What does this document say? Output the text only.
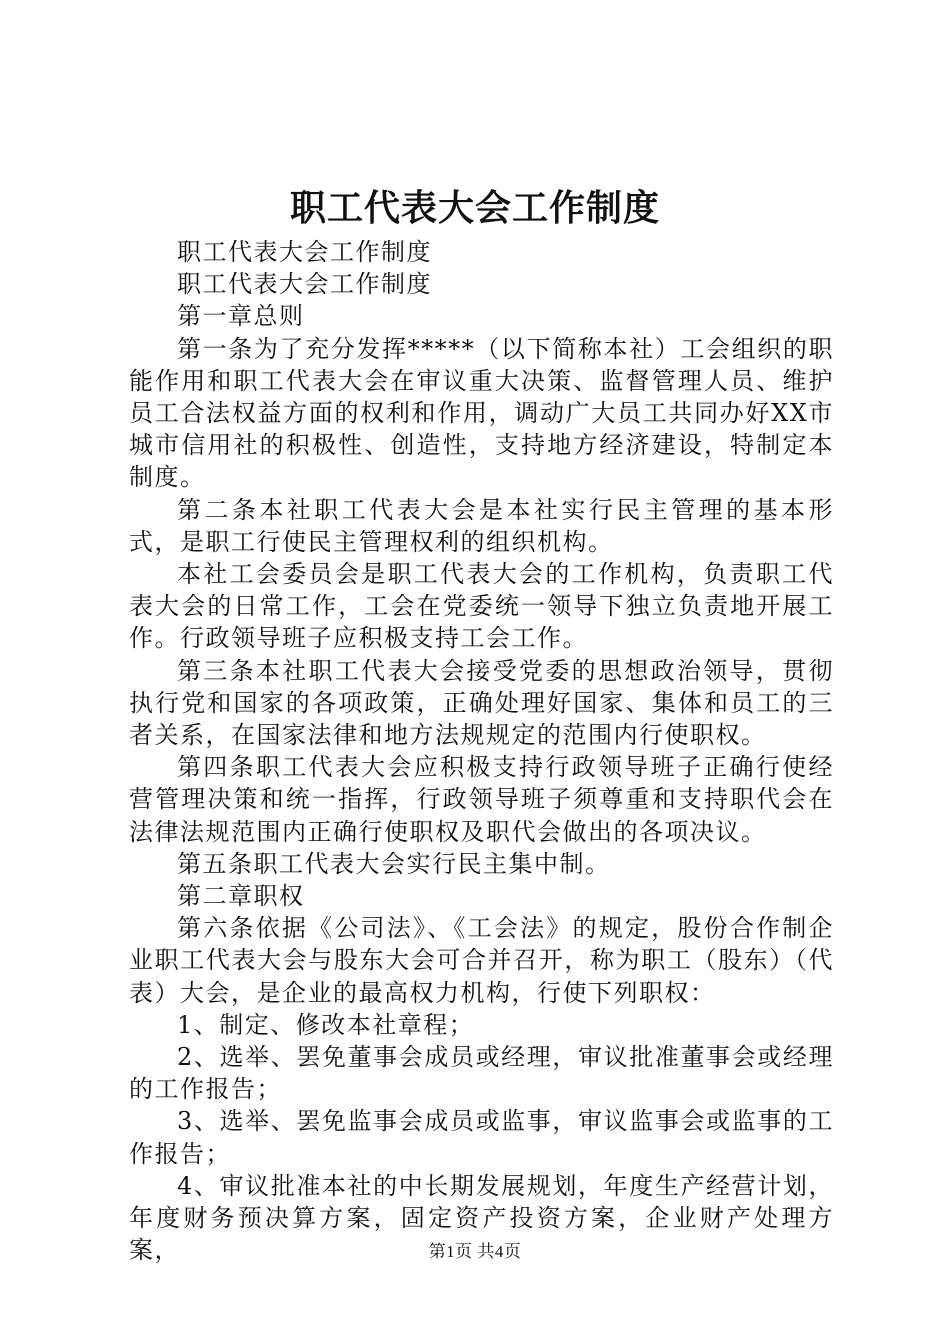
职工代表大会工作制度

职工代表大会工作制度

职工代表大会工作制度

第一章总则

第一条为了充分发挥*****（以下简称本社）工会组织的职能作用和职工代表大会在审议重大决策、监督管理人员、维护员工合法权益方面的权利和作用，调动广大员工共同办好XX市城市信用社的积极性、创造性，支持地方经济建设，特制定本制度。

第二条本社职工代表大会是本社实行民主管理的基本形式，是职工行使民主管理权利的组织机构。

本社工会委员会是职工代表大会的工作机构，负责职工代表大会的日常工作，工会在党委统一领导下独立负责地开展工作。行政领导班子应积极支持工会工作。

第三条本社职工代表大会接受党委的思想政治领导，贯彻执行党和国家的各项政策，正确处理好国家、集体和员工的三者关系，在国家法律和地方法规规定的范围内行使职权。

第四条职工代表大会应积极支持行政领导班子正确行使经营管理决策和统一指挥，行政领导班子须尊重和支持职代会在法律法规范围内正确行使职权及职代会做出的各项决议。

第五条职工代表大会实行民主集中制。

第二章职权

第六条依据《公司法》、《工会法》的规定，股份合作制企业职工代表大会与股东大会可合并召开，称为职工（股东）（代表）大会，是企业的最高权力机构，行使下列职权：

1、制定、修改本社章程；

2、选举、罢免董事会成员或经理，审议批准董事会或经理的工作报告；

3、选举、罢免监事会成员或监事，审议监事会或监事的工作报告；

4、审议批准本社的中长期发展规划，年度生产经营计划，年度财务预决算方案，固定资产投资方案，企业财产处理方案，	第1页 共4页
